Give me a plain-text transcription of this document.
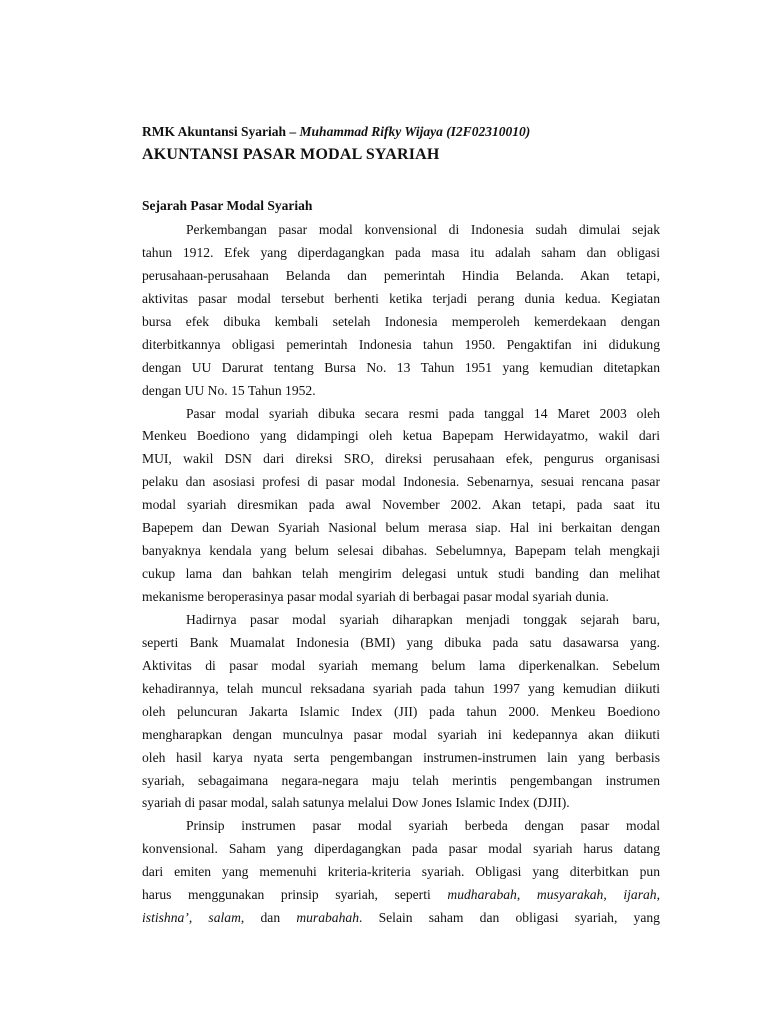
RMK Akuntansi Syariah – Muhammad Rifky Wijaya (I2F02310010)
AKUNTANSI PASAR MODAL SYARIAH
Sejarah Pasar Modal Syariah
Perkembangan pasar modal konvensional di Indonesia sudah dimulai sejak
tahun 1912. Efek yang diperdagangkan pada masa itu adalah saham dan obligasi
perusahaan-perusahaan Belanda dan pemerintah Hindia Belanda. Akan tetapi,
aktivitas pasar modal tersebut berhenti ketika terjadi perang dunia kedua. Kegiatan
bursa efek dibuka kembali setelah Indonesia memperoleh kemerdekaan dengan
diterbitkannya obligasi pemerintah Indonesia tahun 1950. Pengaktifan ini didukung
dengan UU Darurat tentang Bursa No. 13 Tahun 1951 yang kemudian ditetapkan
dengan UU No. 15 Tahun 1952.
Pasar modal syariah dibuka secara resmi pada tanggal 14 Maret 2003 oleh
Menkeu Boediono yang didampingi oleh ketua Bapepam Herwidayatmo, wakil dari
MUI, wakil DSN dari direksi SRO, direksi perusahaan efek, pengurus organisasi
pelaku dan asosiasi profesi di pasar modal Indonesia. Sebenarnya, sesuai rencana pasar
modal syariah diresmikan pada awal November 2002. Akan tetapi, pada saat itu
Bapepem dan Dewan Syariah Nasional belum merasa siap. Hal ini berkaitan dengan
banyaknya kendala yang belum selesai dibahas. Sebelumnya, Bapepam telah mengkaji
cukup lama dan bahkan telah mengirim delegasi untuk studi banding dan melihat
mekanisme beroperasinya pasar modal syariah di berbagai pasar modal syariah dunia.
Hadirnya pasar modal syariah diharapkan menjadi tonggak sejarah baru,
seperti Bank Muamalat Indonesia (BMI) yang dibuka pada satu dasawarsa yang.
Aktivitas di pasar modal syariah memang belum lama diperkenalkan. Sebelum
kehadirannya, telah muncul reksadana syariah pada tahun 1997 yang kemudian diikuti
oleh peluncuran Jakarta Islamic Index (JII) pada tahun 2000. Menkeu Boediono
mengharapkan dengan munculnya pasar modal syariah ini kedepannya akan diikuti
oleh hasil karya nyata serta pengembangan instrumen-instrumen lain yang berbasis
syariah, sebagaimana negara-negara maju telah merintis pengembangan instrumen
syariah di pasar modal, salah satunya melalui Dow Jones Islamic Index (DJII).
Prinsip instrumen pasar modal syariah berbeda dengan pasar modal
konvensional. Saham yang diperdagangkan pada pasar modal syariah harus datang
dari emiten yang memenuhi kriteria-kriteria syariah. Obligasi yang diterbitkan pun
harus menggunakan prinsip syariah, seperti mudharabah, musyarakah, ijarah,
istishna’, salam, dan murabahah. Selain saham dan obligasi syariah, yang
